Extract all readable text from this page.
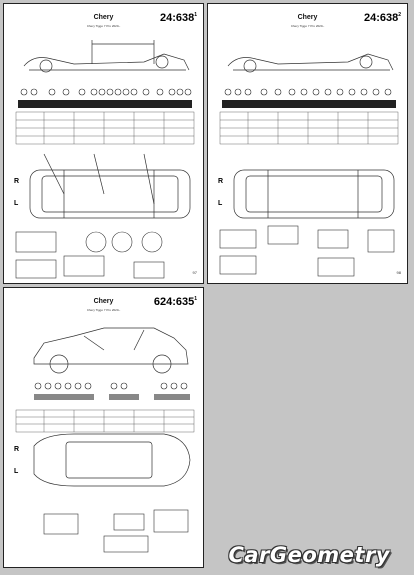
Chery
Chery Tiggo 7 Pro 2020–
$24:638^1$
R
L
97
Chery
Chery Tiggo 7 Pro 2020–
$24:638^2$
R
L
98
Chery
Chery Tiggo 7 Pro 2020–
$624:635^1$
R
L
CarGeometry
